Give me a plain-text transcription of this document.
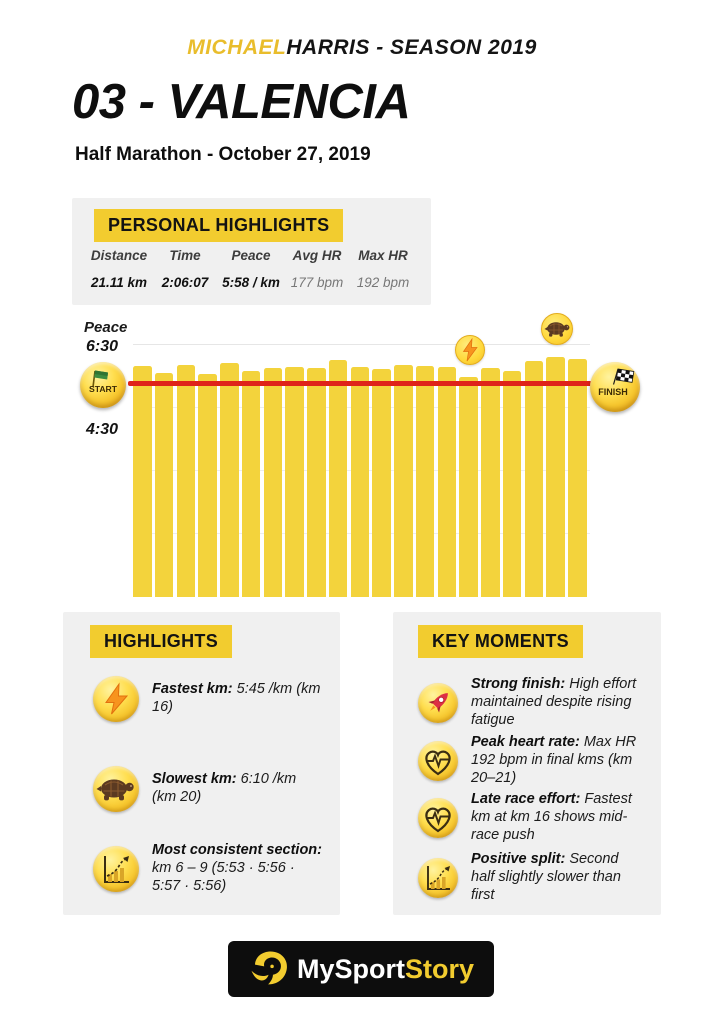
MICHAELHARRIS - SEASON 2019
03 - VALENCIA
Half Marathon - October 27, 2019
PERSONAL HIGHLIGHTS
Distance	Time	Peace	Avg HR	Max HR
21.11 km	2:06:07	5:58 / km 177 bpm 192 bpm
Peace
6:30
4:30
START	FINISH
HIGHLIGHTS
Fastest km: 5:45 /km (km 16)
Slowest km: 6:10 /km (km 20)
Most consistent section: km 6 – 9 (5:53 · 5:56 · 5:57 · 5:56)
KEY MOMENTS
Strong finish: High effort maintained despite rising fatigue
Peak heart rate: Max HR 192 bpm in final kms (km 20–21)
Late race effort: Fastest km at km 16 shows mid-race push
Positive split: Second half slightly slower than first
MySportStory
